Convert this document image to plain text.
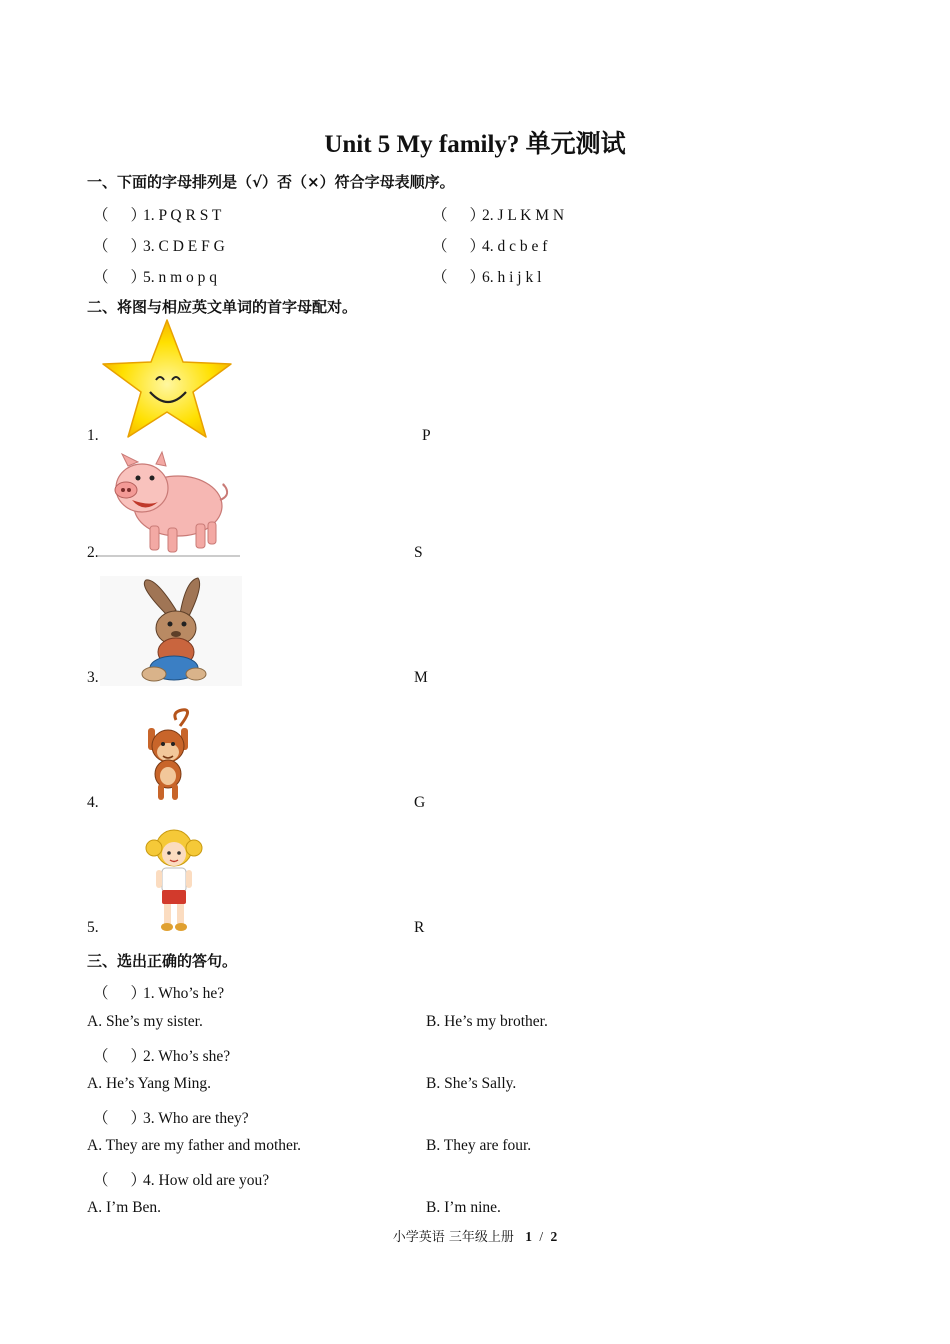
Unit 5 My family? 单元测试
一、下面的字母排列是（√）否（×）符合字母表顺序。
（ ）1. P Q R S T	（ ）2. J L K M N
（ ）3. C D E F G	（ ）4. d c b e f
（ ）5. n m o p q	（ ）6. h i j k l
二、将图与相应英文单词的首字母配对。
1.	P
2.	S
3.	M
4.	G
5.	R
三、选出正确的答句。
（ ）1. Who’s he?
A. She’s my sister.	B. He’s my brother.
（ ）2. Who’s she?
A. He’s Yang Ming.	B. She’s Sally.
（ ）3. Who are they?
A. They are my father and mother.	B. They are four.
（ ）4. How old are you?
A. I’m Ben.	B. I’m nine.
小学英语 三年级上册 1 / 2
